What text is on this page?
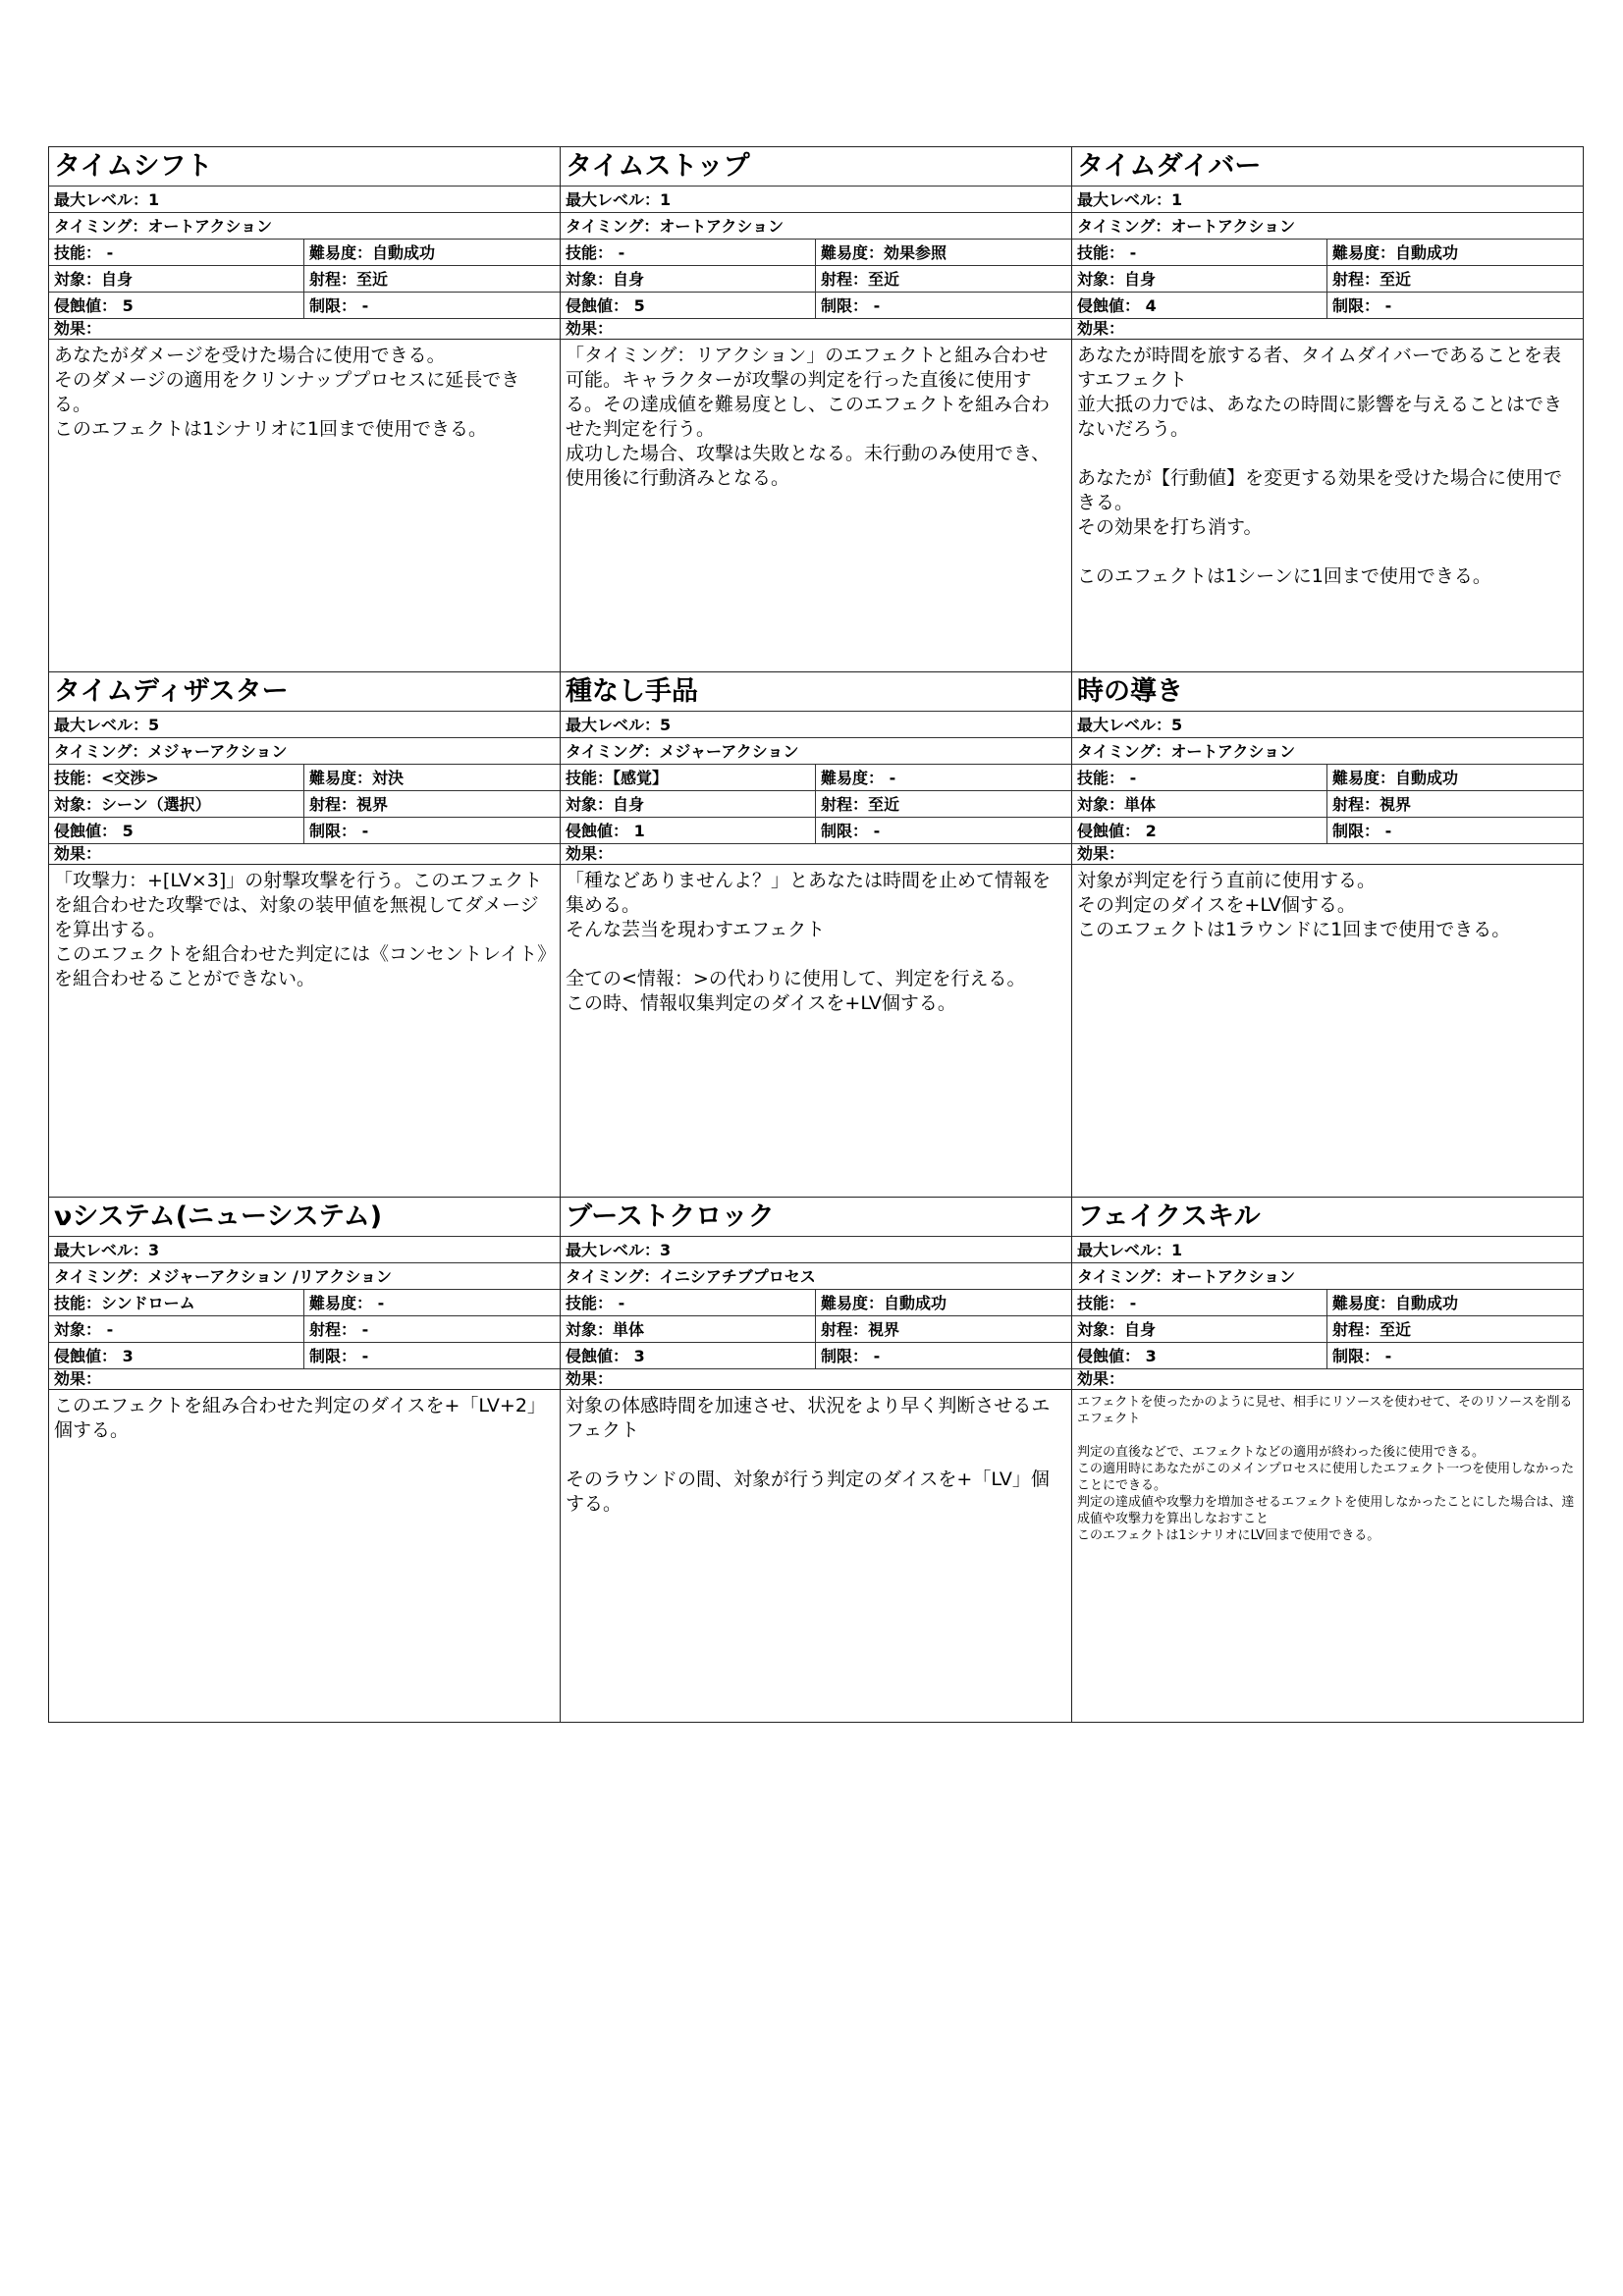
タイムシフト
最大レベル：1
タイミング：オートアクション
技能： -	難易度：自動成功
対象：自身	射程：至近
侵蝕値： 5	制限： -
効果：
あなたがダメージを受けた場合に使用できる。
そのダメージの適用をクリンナッププロセスに延長できる。
このエフェクトは1シナリオに1回まで使用できる。
タイムストップ
最大レベル：1
タイミング：オートアクション
技能： -	難易度：効果参照
対象：自身	射程：至近
侵蝕値： 5	制限： -
効果：
「タイミング：リアクション」のエフェクトと組み合わせ可能。キャラクターが攻撃の判定を行った直後に使用する。その達成値を難易度とし、このエフェクトを組み合わせた判定を行う。
成功した場合、攻撃は失敗となる。未行動のみ使用でき、使用後に行動済みとなる。
タイムダイバー
最大レベル：1
タイミング：オートアクション
技能： -	難易度：自動成功
対象：自身	射程：至近
侵蝕値： 4	制限： -
効果：
あなたが時間を旅する者、タイムダイバーであることを表すエフェクト
並大抵の力では、あなたの時間に影響を与えることはできないだろう。

あなたが【行動値】を変更する効果を受けた場合に使用できる。
その効果を打ち消す。

このエフェクトは1シーンに1回まで使用できる。
タイムディザスター
最大レベル：5
タイミング：メジャーアクション
技能：<交渉>	難易度：対決
対象：シーン（選択）	射程：視界
侵蝕値： 5	制限： -
効果：
「攻撃力：+[LV×3]」の射撃攻撃を行う。このエフェクトを組合わせた攻撃では、対象の装甲値を無視してダメージを算出する。
このエフェクトを組合わせた判定には《コンセントレイト》を組合わせることができない。
種なし手品
最大レベル：5
タイミング：メジャーアクション
技能：【感覚】	難易度： -
対象：自身	射程：至近
侵蝕値： 1	制限： -
効果：
「種などありませんよ？」とあなたは時間を止めて情報を集める。
そんな芸当を現わすエフェクト

全ての<情報：>の代わりに使用して、判定を行える。
この時、情報収集判定のダイスを+LV個する。
時の導き
最大レベル：5
タイミング：オートアクション
技能： -	難易度：自動成功
対象：単体	射程：視界
侵蝕値： 2	制限： -
効果：
対象が判定を行う直前に使用する。
その判定のダイスを+LV個する。
このエフェクトは1ラウンドに1回まで使用できる。
νシステム(ニューシステム)
最大レベル：3
タイミング：メジャーアクション /リアクション
技能：シンドローム	難易度： -
対象： -	射程： -
侵蝕値： 3	制限： -
効果：
このエフェクトを組み合わせた判定のダイスを+「LV+2」個する。
ブーストクロック
最大レベル：3
タイミング：イニシアチブプロセス
技能： -	難易度：自動成功
対象：単体	射程：視界
侵蝕値： 3	制限： -
効果：
対象の体感時間を加速させ、状況をより早く判断させるエフェクト

そのラウンドの間、対象が行う判定のダイスを+「LV」個する。
フェイクスキル
最大レベル：1
タイミング：オートアクション
技能： -	難易度：自動成功
対象：自身	射程：至近
侵蝕値： 3	制限： -
効果：
エフェクトを使ったかのように見せ、相手にリソースを使わせて、そのリソースを削るエフェクト

判定の直後などで、エフェクトなどの適用が終わった後に使用できる。
この適用時にあなたがこのメインプロセスに使用したエフェクト一つを使用しなかったことにできる。
判定の達成値や攻撃力を増加させるエフェクトを使用しなかったことにした場合は、達成値や攻撃力を算出しなおすこと
このエフェクトは1シナリオにLV回まで使用できる。
